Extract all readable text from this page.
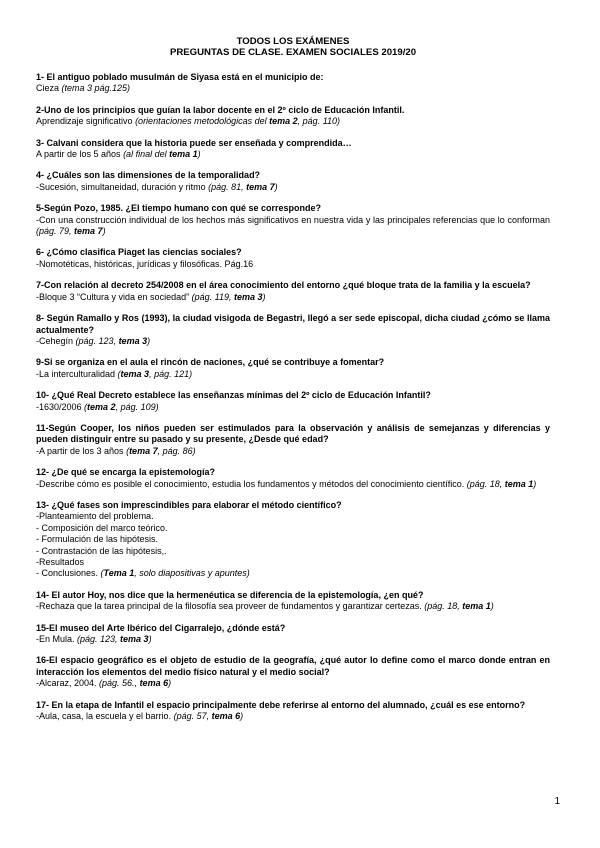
TODOS LOS EXÁMENES
PREGUNTAS DE CLASE. EXAMEN SOCIALES 2019/20
1- El antiguo poblado musulmán de Siyasa está en el municipio de:
Cieza (tema 3 pág.125)
2-Uno de los principios que guían la labor docente en el 2º ciclo de Educación Infantil.
Aprendizaje significativo (orientaciones metodológicas del tema 2, pág. 110)
3- Calvani considera que la historia puede ser enseñada y comprendida…
A partir de los 5 años (al final del tema 1)
4- ¿Cuáles son las dimensiones de la temporalidad?
-Sucesión, simultaneidad, duración y ritmo (pág. 81, tema 7)
5-Según Pozo, 1985. ¿El tiempo humano con qué se corresponde?
-Con una construcción individual de los hechos más significativos en nuestra vida y las principales referencias que lo conforman (pág. 79, tema 7)
6- ¿Cómo clasifica Piaget las ciencias sociales?
-Nomotéticas, históricas, jurídicas y filosóficas. Pág.16
7-Con relación al decreto 254/2008 en el área conocimiento del entorno ¿qué bloque trata de la familia y la escuela?
-Bloque 3 “Cultura y vida en sociedad” (pág. 119, tema 3)
8- Según Ramallo y Ros (1993), la ciudad visigoda de Begastri, llegó a ser sede episcopal, dicha ciudad ¿cómo se llama actualmente?
-Cehegín (pág. 123, tema 3)
9-Si se organiza en el aula el rincón de naciones, ¿qué se contribuye a fomentar?
-La interculturalidad (tema 3, pág. 121)
10- ¿Qué Real Decreto establece las enseñanzas mínimas del 2º ciclo de Educación Infantil?
-1630/2006 (tema 2, pág. 109)
11-Según Cooper, los niños pueden ser estimulados para la observación y análisis de semejanzas y diferencias y pueden distinguir entre su pasado y su presente, ¿Desde qué edad?
-A partir de los 3 años (tema 7, pág. 86)
12- ¿De qué se encarga la epistemología?
-Describe cómo es posible el conocimiento, estudia los fundamentos y métodos del conocimiento científico. (pág. 18, tema 1)
13- ¿Qué fases son imprescindibles para elaborar el método científico?
-Planteamiento del problema.
- Composición del marco teórico.
- Formulación de las hipótesis.
- Contrastación de las hipótesis,.
-Resultados
- Conclusiones. (Tema 1, solo diapositivas y apuntes)
14- El autor Hoy, nos dice que la hermenéutica se diferencia de la epistemología, ¿en qué?
-Rechaza que la tarea principal de la filosofía sea proveer de fundamentos y garantizar certezas. (pág. 18, tema 1)
15-El museo del Arte Ibérico del Cigarralejo, ¿dónde está?
-En Mula. (pág. 123, tema 3)
16-El espacio geográfico es el objeto de estudio de la geografía, ¿qué autor lo define como el marco donde entran en interacción los elementos del medio físico natural y el medio social?
-Alcaraz, 2004. (pág. 56., tema 6)
17- En la etapa de Infantil el espacio principalmente debe referirse al entorno del alumnado, ¿cuál es ese entorno?
-Aula, casa, la escuela y el barrio. (pág. 57, tema 6)
1
